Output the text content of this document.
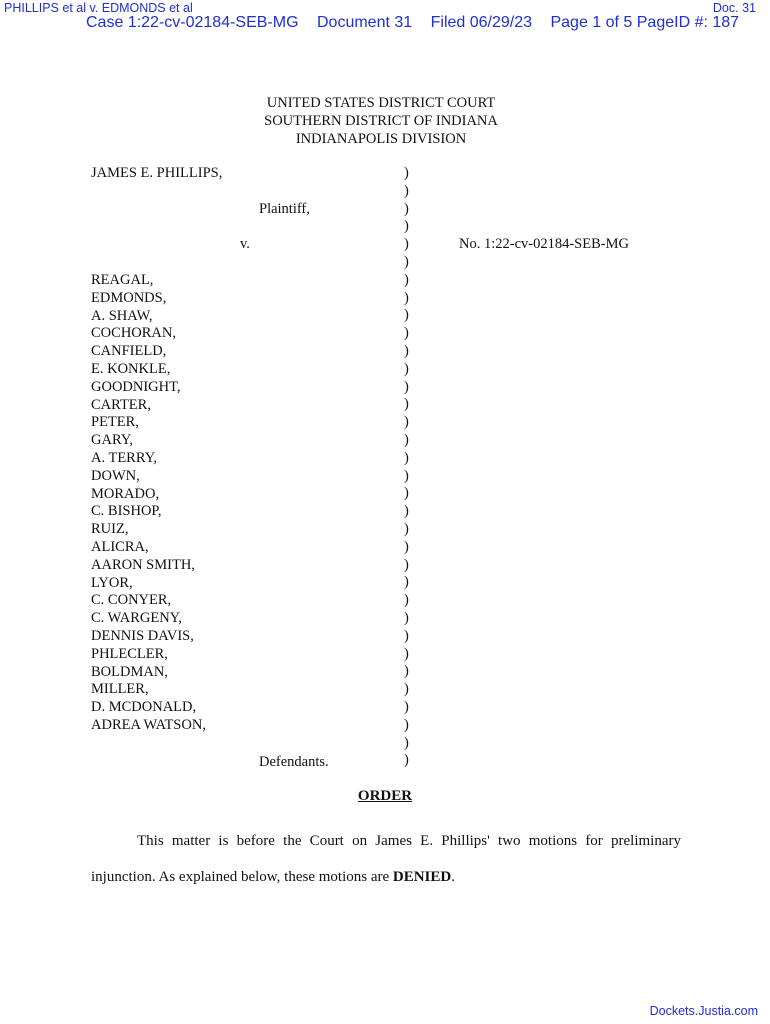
PHILLIPS et al v. EDMONDS et al	Doc. 31
Case 1:22-cv-02184-SEB-MG Document 31 Filed 06/29/23 Page 1 of 5 PageID #: 187
UNITED STATES DISTRICT COURT
SOUTHERN DISTRICT OF INDIANA
INDIANAPOLIS DIVISION
JAMES E. PHILLIPS,
Plaintiff,
v.	No. 1:22-cv-02184-SEB-MG
REAGAL,
EDMONDS,
A. SHAW,
COCHORAN,
CANFIELD,
E. KONKLE,
GOODNIGHT,
CARTER,
PETER,
GARY,
A. TERRY,
DOWN,
MORADO,
C. BISHOP,
RUIZ,
ALICRA,
AARON SMITH,
LYOR,
C. CONYER,
C. WARGENY,
DENNIS DAVIS,
PHLECLER,
BOLDMAN,
MILLER,
D. MCDONALD,
ADREA WATSON,
Defendants.
)
)
)
)
)
)
)
)
)
)
)
)
)
)
)
)
)
)
)
)
)
)
)
)
)
)
)
)
)
)
)
)
)
)
ORDER
This matter is before the Court on James E. Phillips' two motions for preliminary
injunction. As explained below, these motions are DENIED.
Dockets.Justia.com
